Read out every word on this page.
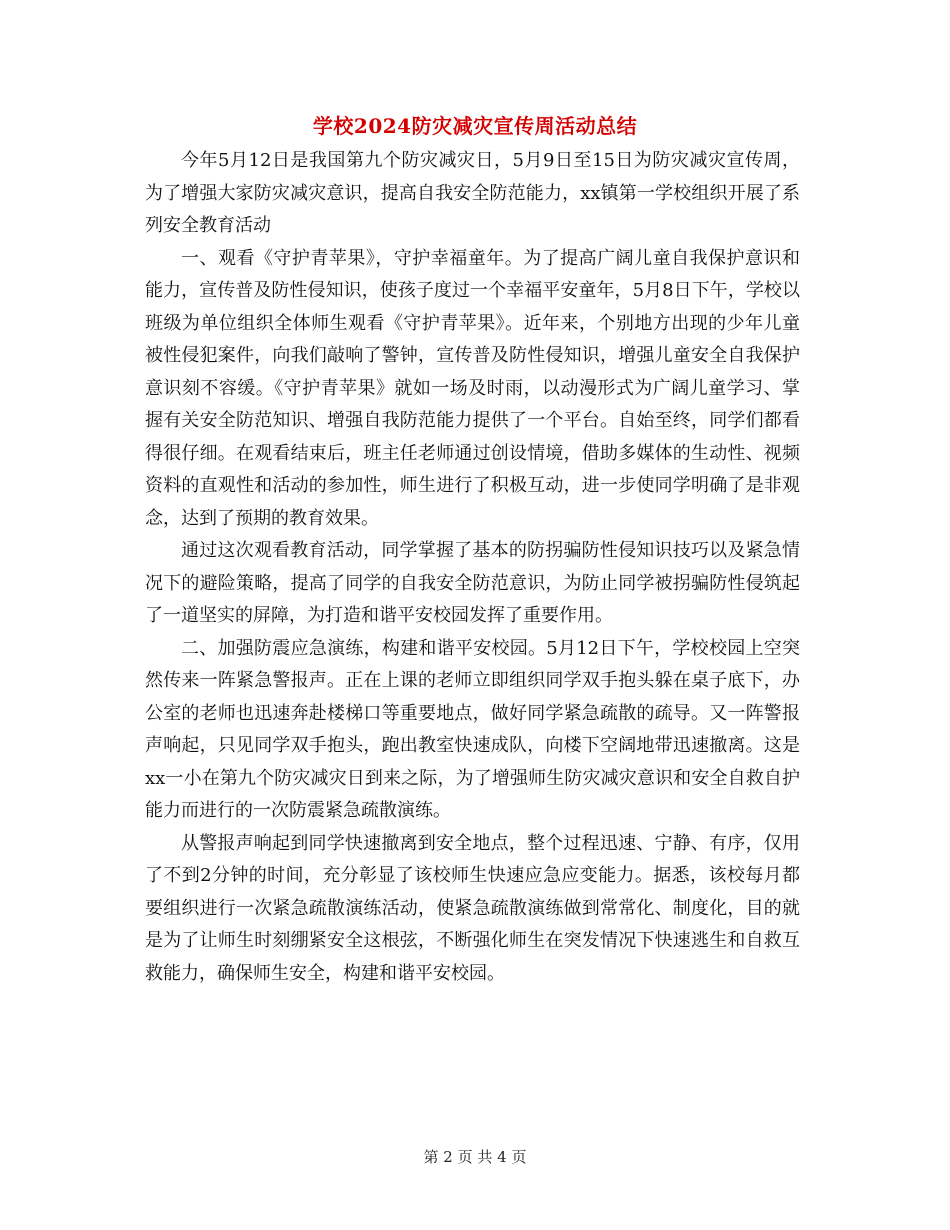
学校2024防灾减灾宣传周活动总结

今年5月12日是我国第九个防灾减灾日，5月9日至15日为防灾减灾宣传周，为了增强大家防灾减灾意识，提高自我安全防范能力，xx镇第一学校组织开展了系列安全教育活动

一、观看《守护青苹果》，守护幸福童年。为了提高广阔儿童自我保护意识和能力，宣传普及防性侵知识，使孩子度过一个幸福平安童年，5月8日下午，学校以班级为单位组织全体师生观看《守护青苹果》。近年来，个别地方出现的少年儿童被性侵犯案件，向我们敲响了警钟，宣传普及防性侵知识，增强儿童安全自我保护意识刻不容缓。《守护青苹果》就如一场及时雨，以动漫形式为广阔儿童学习、掌握有关安全防范知识、增强自我防范能力提供了一个平台。自始至终，同学们都看得很仔细。在观看结束后，班主任老师通过创设情境，借助多媒体的生动性、视频资料的直观性和活动的参加性，师生进行了积极互动，进一步使同学明确了是非观念，达到了预期的教育效果。

通过这次观看教育活动，同学掌握了基本的防拐骗防性侵知识技巧以及紧急情况下的避险策略，提高了同学的自我安全防范意识，为防止同学被拐骗防性侵筑起了一道坚实的屏障，为打造和谐平安校园发挥了重要作用。

二、加强防震应急演练，构建和谐平安校园。5月12日下午，学校校园上空突然传来一阵紧急警报声。正在上课的老师立即组织同学双手抱头躲在桌子底下，办公室的老师也迅速奔赴楼梯口等重要地点，做好同学紧急疏散的疏导。又一阵警报声响起，只见同学双手抱头，跑出教室快速成队，向楼下空阔地带迅速撤离。这是xx一小在第九个防灾减灾日到来之际，为了增强师生防灾减灾意识和安全自救自护能力而进行的一次防震紧急疏散演练。

从警报声响起到同学快速撤离到安全地点，整个过程迅速、宁静、有序，仅用了不到2分钟的时间，充分彰显了该校师生快速应急应变能力。据悉，该校每月都要组织进行一次紧急疏散演练活动，使紧急疏散演练做到常常化、制度化，目的就是为了让师生时刻绷紧安全这根弦，不断强化师生在突发情况下快速逃生和自救互救能力，确保师生安全，构建和谐平安校园。

第 2 页 共 4 页
